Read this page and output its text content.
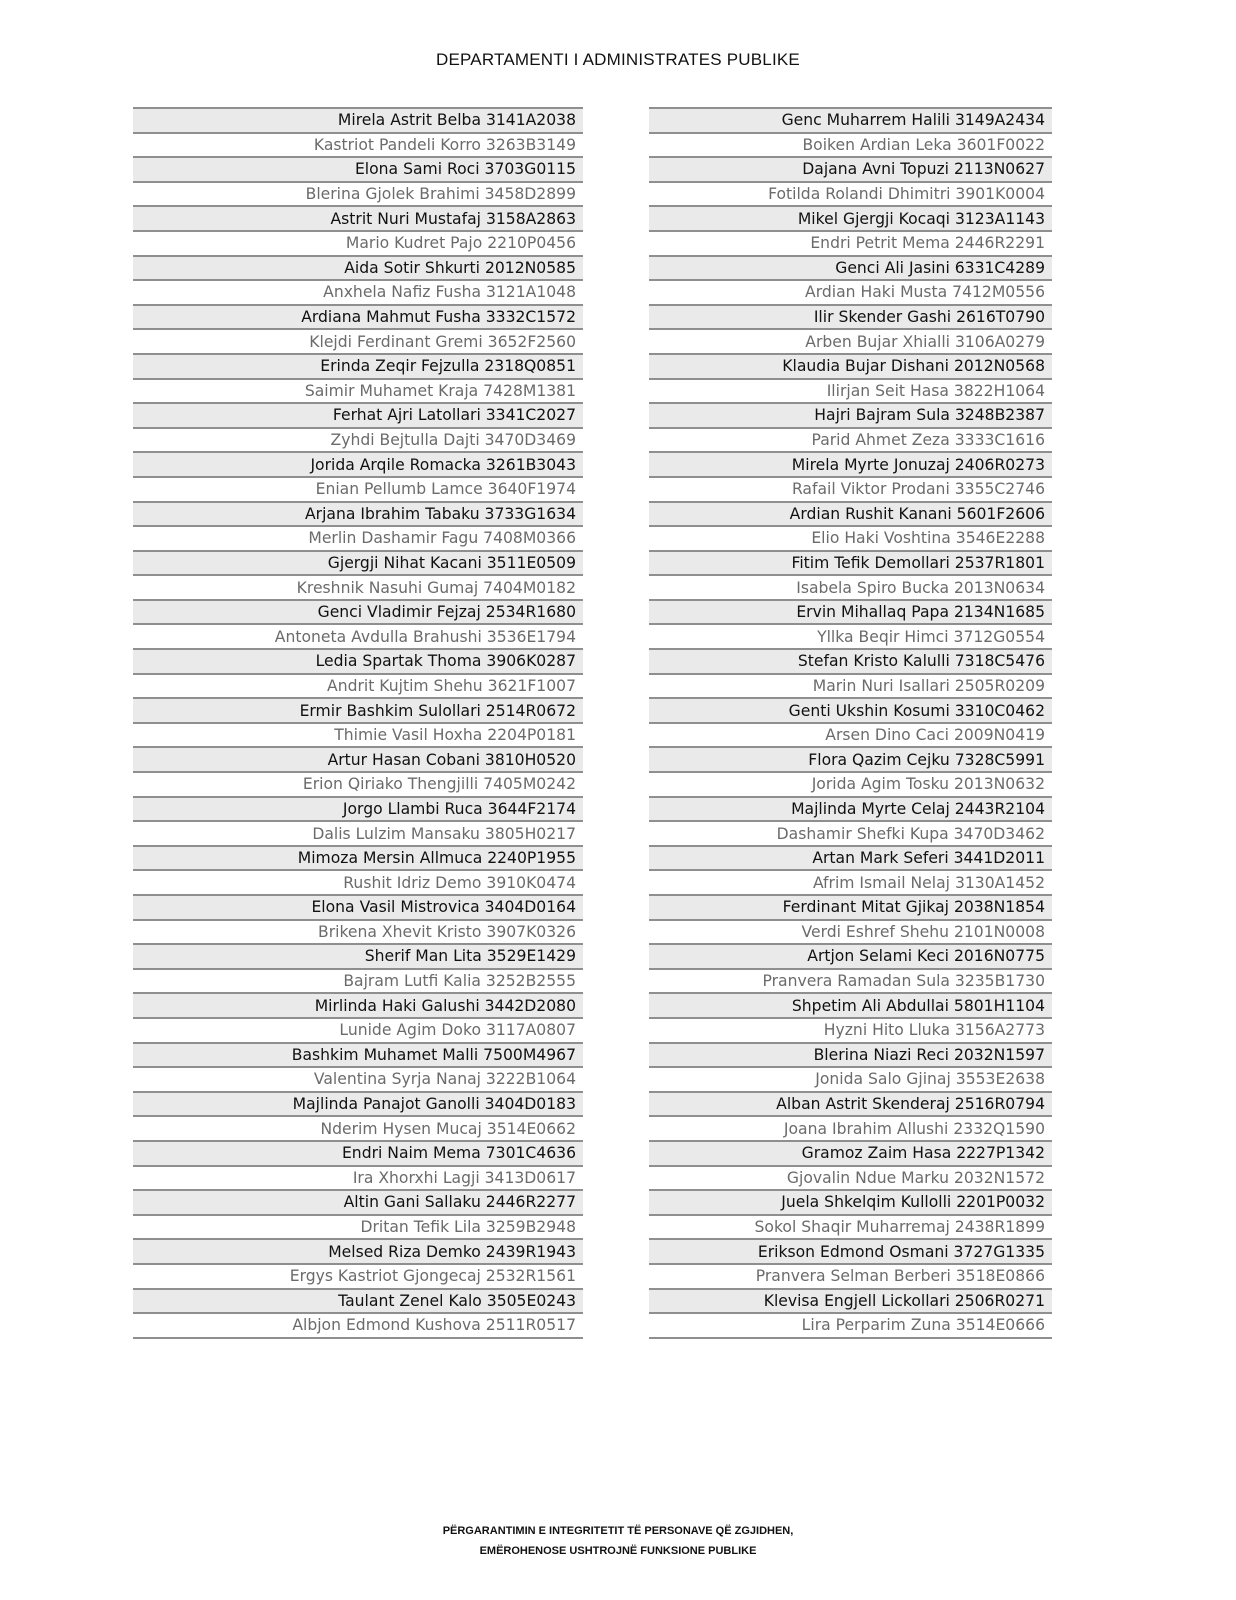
DEPARTAMENTI I ADMINISTRATES PUBLIKE
Mirela Astrit Belba 3141A2038
Kastriot Pandeli Korro 3263B3149
Elona Sami Roci 3703G0115
Blerina Gjolek Brahimi 3458D2899
Astrit Nuri Mustafaj 3158A2863
Mario Kudret Pajo 2210P0456
Aida Sotir Shkurti 2012N0585
Anxhela Nafiz Fusha 3121A1048
Ardiana Mahmut Fusha 3332C1572
Klejdi Ferdinant Gremi 3652F2560
Erinda Zeqir Fejzulla 2318Q0851
Saimir Muhamet Kraja 7428M1381
Ferhat Ajri Latollari 3341C2027
Zyhdi Bejtulla Dajti 3470D3469
Jorida Arqile Romacka 3261B3043
Enian Pellumb Lamce 3640F1974
Arjana Ibrahim Tabaku 3733G1634
Merlin Dashamir Fagu 7408M0366
Gjergji Nihat Kacani 3511E0509
Kreshnik Nasuhi Gumaj 7404M0182
Genci Vladimir Fejzaj 2534R1680
Antoneta Avdulla Brahushi 3536E1794
Ledia Spartak Thoma 3906K0287
Andrit Kujtim Shehu 3621F1007
Ermir Bashkim Sulollari 2514R0672
Thimie Vasil Hoxha 2204P0181
Artur Hasan Cobani 3810H0520
Erion Qiriako Thengjilli 7405M0242
Jorgo Llambi Ruca 3644F2174
Dalis Lulzim Mansaku 3805H0217
Mimoza Mersin Allmuca 2240P1955
Rushit Idriz Demo 3910K0474
Elona Vasil Mistrovica 3404D0164
Brikena Xhevit Kristo 3907K0326
Sherif Man Lita 3529E1429
Bajram Lutfi Kalia 3252B2555
Mirlinda Haki Galushi 3442D2080
Lunide Agim Doko 3117A0807
Bashkim Muhamet Malli 7500M4967
Valentina Syrja Nanaj 3222B1064
Majlinda Panajot Ganolli 3404D0183
Nderim Hysen Mucaj 3514E0662
Endri Naim Mema 7301C4636
Ira Xhorxhi Lagji 3413D0617
Altin Gani Sallaku 2446R2277
Dritan Tefik Lila 3259B2948
Melsed Riza Demko 2439R1943
Ergys Kastriot Gjongecaj 2532R1561
Taulant Zenel Kalo 3505E0243
Albjon Edmond Kushova 2511R0517
Genc Muharrem Halili 3149A2434
Boiken Ardian Leka 3601F0022
Dajana Avni Topuzi 2113N0627
Fotilda Rolandi Dhimitri 3901K0004
Mikel Gjergji Kocaqi 3123A1143
Endri Petrit Mema 2446R2291
Genci Ali Jasini 6331C4289
Ardian Haki Musta 7412M0556
Ilir Skender Gashi 2616T0790
Arben Bujar Xhialli 3106A0279
Klaudia Bujar Dishani 2012N0568
Ilirjan Seit Hasa 3822H1064
Hajri Bajram Sula 3248B2387
Parid Ahmet Zeza 3333C1616
Mirela Myrte Jonuzaj 2406R0273
Rafail Viktor Prodani 3355C2746
Ardian Rushit Kanani 5601F2606
Elio Haki Voshtina 3546E2288
Fitim Tefik Demollari 2537R1801
Isabela Spiro Bucka 2013N0634
Ervin Mihallaq Papa 2134N1685
Yllka Beqir Himci 3712G0554
Stefan Kristo Kalulli 7318C5476
Marin Nuri Isallari 2505R0209
Genti Ukshin Kosumi 3310C0462
Arsen Dino Caci 2009N0419
Flora Qazim Cejku 7328C5991
Jorida Agim Tosku 2013N0632
Majlinda Myrte Celaj 2443R2104
Dashamir Shefki Kupa 3470D3462
Artan Mark Seferi 3441D2011
Afrim Ismail Nelaj 3130A1452
Ferdinant Mitat Gjikaj 2038N1854
Verdi Eshref Shehu 2101N0008
Artjon Selami Keci 2016N0775
Pranvera Ramadan Sula 3235B1730
Shpetim Ali Abdullai 5801H1104
Hyzni Hito Lluka 3156A2773
Blerina Niazi Reci 2032N1597
Jonida Salo Gjinaj 3553E2638
Alban Astrit Skenderaj 2516R0794
Joana Ibrahim Allushi 2332Q1590
Gramoz Zaim Hasa 2227P1342
Gjovalin Ndue Marku 2032N1572
Juela Shkelqim Kullolli 2201P0032
Sokol Shaqir Muharremaj 2438R1899
Erikson Edmond Osmani 3727G1335
Pranvera Selman Berberi 3518E0866
Klevisa Engjell Lickollari 2506R0271
Lira Perparim Zuna 3514E0666
PËRGARANTIMIN E INTEGRITETIT TË PERSONAVE QË ZGJIDHEN,
EMËROHENOSE USHTROJNË FUNKSIONE PUBLIKE
